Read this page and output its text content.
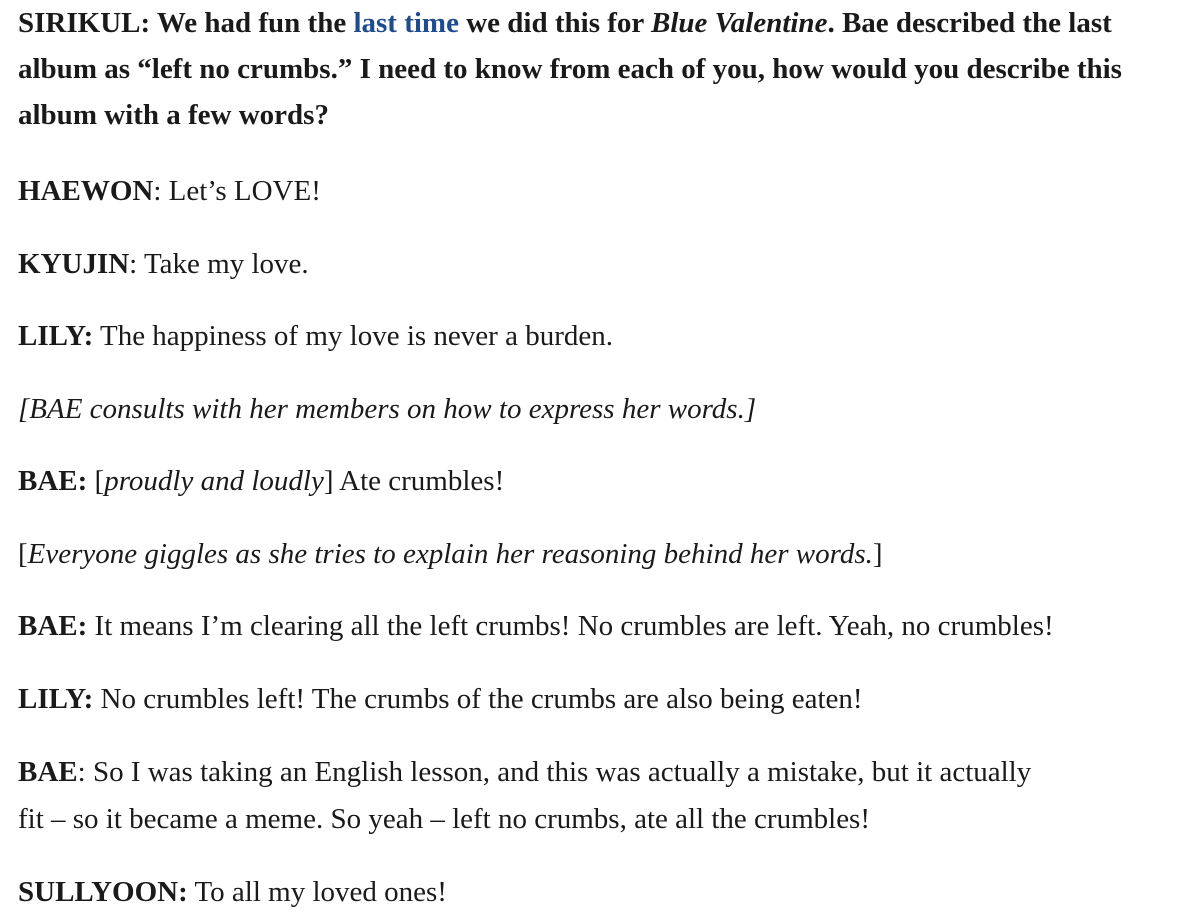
SIRIKUL: We had fun the last time we did this for Blue Valentine. Bae described the last album as “left no crumbs.” I need to know from each of you, how would you describe this album with a few words?

HAEWON: Let’s LOVE!

KYUJIN: Take my love.

LILY: The happiness of my love is never a burden.

[BAE consults with her members on how to express her words.]

BAE: [proudly and loudly] Ate crumbles!

[Everyone giggles as she tries to explain her reasoning behind her words.]

BAE: It means I’m clearing all the left crumbs! No crumbles are left. Yeah, no crumbles!

LILY: No crumbles left! The crumbs of the crumbs are also being eaten!

BAE: So I was taking an English lesson, and this was actually a mistake, but it actually

fit – so it became a meme. So yeah – left no crumbs, ate all the crumbles!

SULLYOON: To all my loved ones!
